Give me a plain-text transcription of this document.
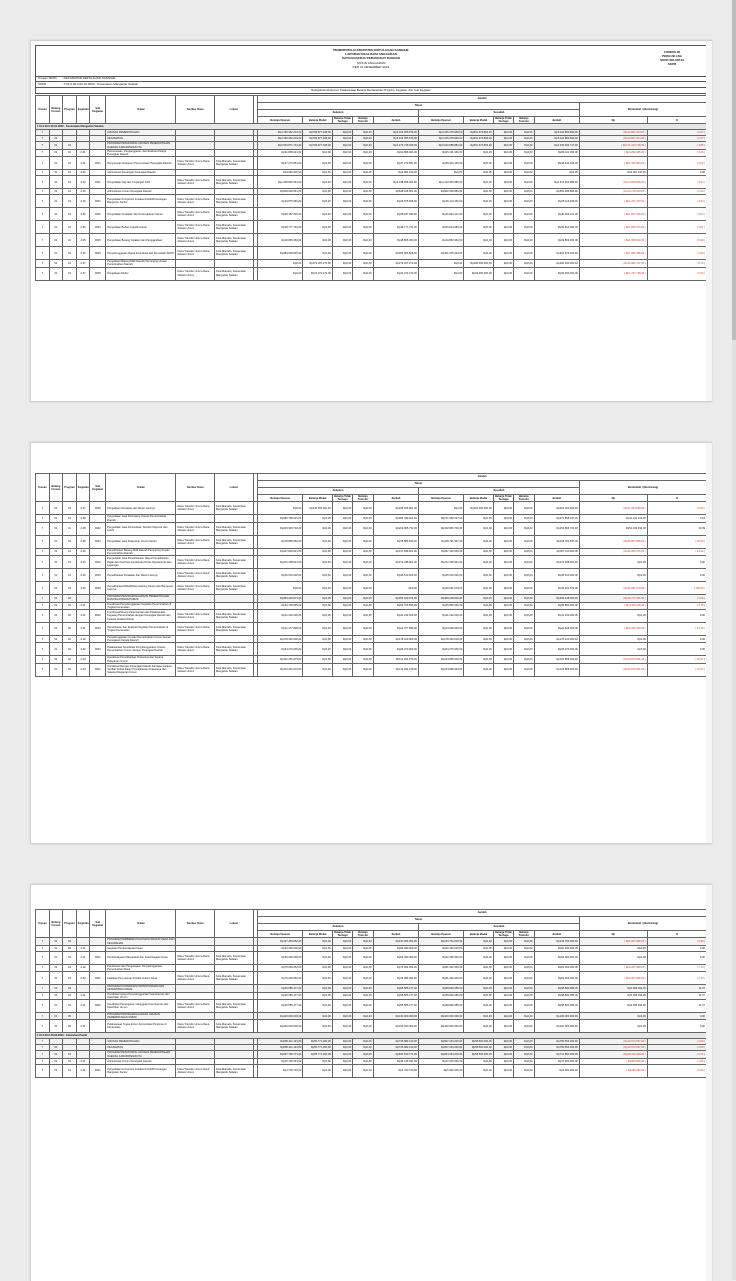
PEMERINTAH KABUPATEN KEPULAUAN SANGIHE
LAPORAN REALISASI ANGGARAN
SATUAN KERJA PERANGKAT DAERAH
TAHUN ANGGARAN
PER 31 DESEMBER 2024
FORMULIR
PERGUB LRA
SKPD SELURUH
SKPD
Urusan SKPD : KECAMATAN KEPULAUAN SANGIHE
SKPD	: 7.01.0.00.0.00.01.0000 - Kecamatan Manganitu Selatan
Rekapitulasi Dokumen Pelaksanaan Belanja Berdasarkan Program, Kegiatan, dan Sub Kegiatan
Urusan	Bidang Urusan	Program	Kegiatan	Sub Kegiatan	Uraian	Sumber Dana	Lokasi		Jumlah											
									Tahun										Bertambah / (Berkurang)	
									Sebelum					Sesudah						
									Belanja Operasi	Belanja Modal	Belanja Tidak Terduga	Belanja Transfer	Jumlah	Belanja Operasi	Belanja Modal	Belanja Tidak Terduga	Belanja Transfer	Jumlah	Rp	%
7.01.0.00.0.00.01.0000 - Kecamatan Manganitu Selatan																				
7					URUSAN PEMERINTAHAN				Rp4.160.362.204,00	Rp769.877.328,00	Rp0,00	Rp0,00	Rp5.103.055.876,00	Rp4.315.478.969,00	Rp801.373.863,00	Rp0,00	Rp0,00	Rp5.116.852.832,00	( Rp13.807.044,00 )	( 0,27 )
7	01				KECAMATAN				Rp4.160.362.204,00	Rp769.877.328,00	Rp0,00	Rp0,00	Rp5.103.055.876,00	Rp4.315.478.969,00	Rp801.373.863,00	Rp0,00	Rp0,00	Rp5.116.852.832,00	( Rp13.807.044,00 )	( 0,27 )
7	01	01			PROGRAM PENUNJANG URUSAN PEMERINTAHAN DAERAH KABUPATEN/KOTA				Rp3.503.871.701,00	Rp769.877.328,00	Rp0,00	Rp0,00	Rp4.273.749.029,00	Rp3.643.688.884,00	Rp801.373.863,00	Rp0,00	Rp0,00	Rp4.445.062.747,00	( Rp171.313.718,00 )	( 3,85 )
7	01	01	2.01		Perencanaan, Penganggaran, dan Evaluasi Kinerja Perangkat Daerah				Rp91.808.021,00	Rp0,00	Rp0,00	Rp0,00	Rp91.808.021,00	Rp95.101.366,00	Rp0,00	Rp0,00	Rp0,00	Rp95.101.366,00	( Rp3.293.345,00 )	( 3,46 )
7	01	01	2.01	0001	Penyusunan Dokumen Perencanaan Perangkat Daerah	Dana Transfer Umum-Dana Alokasi Umum	Kota Manado, Kecamatan Manganitu Selatan		Rp37.279.551,00	Rp0,00	Rp0,00	Rp0,00	Rp37.279.551,00	Rp38.440.145,00	Rp0,00	Rp0,00	Rp0,00	Rp38.440.145,00	( Rp1.160.594,00 )	( 3,02 )
7	01	01	2.02		Administrasi Keuangan Perangkat Daerah				Rp3.081.330,00	Rp0,00	Rp0,00	Rp0,00	Rp3.081.330,00	Rp0,00	Rp0,00	Rp0,00	Rp0,00	Rp0,00	Rp3.081.330,00	0,00
7	01	01	2.02	0001	Penyediaan Gaji dan Tunjangan ASN	Dana Transfer Umum-Dana Alokasi Umum	Kota Manado, Kecamatan Manganitu Selatan		Rp2.238.836.361,00	Rp0,00	Rp0,00	Rp0,00	Rp2.238.836.361,00	Rp2.313.454.986,00	Rp0,00	Rp0,00	Rp0,00	Rp2.313.454.986,00	( Rp74.618.625,00 )	( 3,23 )
7	01	01	2.06		Administrasi Umum Perangkat Daerah				Rp548.918.561,00	Rp0,00	Rp0,00	Rp0,00	Rp548.918.561,00	Rp562.096.884,00	Rp0,00	Rp0,00	Rp0,00	Rp562.096.884,00	( Rp13.178.323,00 )	( 2,34 )
7	01	01	2.06	0001	Penyediaan Komponen Instalasi Listrik/Penerangan Bangunan Kantor	Dana Transfer Umum-Dana Alokasi Umum	Kota Manado, Kecamatan Manganitu Selatan		Rp23.875.966,00	Rp0,00	Rp0,00	Rp0,00	Rp23.875.966,00	Rp25.113.436,00	Rp0,00	Rp0,00	Rp0,00	Rp25.113.436,00	( Rp1.237.470,00 )	( 4,93 )
7	01	01	2.06	0002	Penyediaan Peralatan dan Perlengkapan Kantor	Dana Transfer Umum-Dana Alokasi Umum	Kota Manado, Kecamatan Manganitu Selatan		Rp38.187.092,00	Rp0,00	Rp0,00	Rp0,00	Rp38.187.092,00	Rp40.004.121,00	Rp0,00	Rp0,00	Rp0,00	Rp40.004.121,00	( Rp1.817.029,00 )	( 4,54 )
7	01	01	2.06	0004	Penyediaan Bahan Logistik Kantor	Dana Transfer Umum-Dana Alokasi Umum	Kota Manado, Kecamatan Manganitu Selatan		Rp48.777.701,00	Rp0,00	Rp0,00	Rp0,00	Rp48.777.701,00	Rp50.814.080,00	Rp0,00	Rp0,00	Rp0,00	Rp50.814.080,00	( Rp2.036.379,00 )	( 4,01 )
7	01	01	2.06	0005	Penyediaan Barang Cetakan dan Penggandaan	Dana Transfer Umum-Dana Alokasi Umum	Kota Manado, Kecamatan Manganitu Selatan		Rp18.805.363,00	Rp0,00	Rp0,00	Rp0,00	Rp18.805.363,00	Rp19.863.363,00	Rp0,00	Rp0,00	Rp0,00	Rp19.863.363,00	( Rp1.058.000,00 )	( 5,33 )
7	01	01	2.06	0009	Penyelenggaraan Rapat Koordinasi dan Konsultasi SKPD	Dana Transfer Umum-Dana Alokasi Umum	Kota Manado, Kecamatan Manganitu Selatan		Rp384.906.825,00	Rp0,00	Rp0,00	Rp0,00	Rp384.906.825,00	Rp391.976.320,00	Rp0,00	Rp0,00	Rp0,00	Rp391.976.320,00	( Rp7.069.495,00 )	( 1,80 )
7	01	01	2.07		Pengadaan Barang Milik Daerah Penunjang Urusan Pemerintahan Daerah				Rp0,00	Rp279.037.273,00	Rp0,00	Rp0,00	Rp279.037.273,00	Rp0,00	Rp296.000.000,00	Rp0,00	Rp0,00	Rp296.000.000,00	( Rp16.962.727,00 )	( 5,73 )
7	01	01	2.07	0005	Pengadaan Mebel	Dana Transfer Umum-Dana Alokasi Umum	Kota Manado, Kecamatan Manganitu Selatan		Rp0,00	Rp31.272.272,00	Rp0,00	Rp0,00	Rp31.272.272,00	Rp0,00	Rp33.000.000,00	Rp0,00	Rp0,00	Rp33.000.000,00	( Rp1.727.728,00 )	( 5,24 )
Urusan	Bidang Urusan	Program	Kegiatan	Sub Kegiatan	Uraian	Sumber Dana	Lokasi		Jumlah											
									Tahun										Bertambah / (Berkurang)	
									Sebelum					Sesudah						
									Belanja Operasi	Belanja Modal	Belanja Tidak Terduga	Belanja Transfer	Jumlah	Belanja Operasi	Belanja Modal	Belanja Tidak Terduga	Belanja Transfer	Jumlah	Rp	%
7	01	01	2.07	0006	Pengadaan Peralatan dan Mesin Lainnya	Dana Transfer Umum-Dana Alokasi Umum	Kota Manado, Kecamatan Manganitu Selatan		Rp0,00	Rp245.665.001,00	Rp0,00	Rp0,00	Rp245.665.001,00	Rp0,00	Rp263.000.000,00	Rp0,00	Rp0,00	Rp263.000.000,00	( Rp17.334.999,00 )	( 6,59 )
7	01	01	2.08		Penyediaan Jasa Penunjang Urusan Pemerintahan Daerah				Rp282.789.401,00	Rp0,00	Rp0,00	Rp0,00	Rp282.789.401,00	Rp271.658.237,00	Rp0,00	Rp0,00	Rp0,00	Rp271.658.237,00	Rp11.131.164,00	4,10
7	01	01	2.08	0002	Penyediaan Jasa Komunikasi, Sumber Daya Air dan Listrik	Dana Transfer Umum-Dana Alokasi Umum	Kota Manado, Kecamatan Manganitu Selatan		Rp203.905.732,00	Rp0,00	Rp0,00	Rp0,00	Rp203.905.732,00	Rp152.866.700,00	Rp0,00	Rp0,00	Rp0,00	Rp152.866.700,00	Rp51.039.032,00	33,39
7	01	01	2.08	0004	Penyediaan Jasa Pelayanan Umum Kantor	Dana Transfer Umum-Dana Alokasi Umum	Kota Manado, Kecamatan Manganitu Selatan		Rp78.883.669,00	Rp0,00	Rp0,00	Rp0,00	Rp78.883.669,00	Rp118.791.537,00	Rp0,00	Rp0,00	Rp0,00	Rp118.791.537,00	( Rp39.907.868,00 )	( 33,59 )
7	01	01	2.09		Pemeliharaan Barang Milik Daerah Penunjang Urusan Pemerintahan Daerah				Rp317.848.921,00	Rp0,00	Rp0,00	Rp0,00	Rp317.848.921,00	Rp367.110.600,00	Rp0,00	Rp0,00	Rp0,00	Rp367.110.600,00	( Rp49.261.679,00 )	( 13,42 )
7	01	01	2.09	0002	Penyediaan Jasa Pemeliharaan, Biaya Pemeliharaan, Pajak dan Perizinan Kendaraan Dinas Operasional atau Lapangan	Dana Transfer Umum-Dana Alokasi Umum	Kota Manado, Kecamatan Manganitu Selatan		Rp272.338.921,00	Rp0,00	Rp0,00	Rp0,00	Rp272.338.921,00	Rp272.338.921,00	Rp0,00	Rp0,00	Rp0,00	Rp272.338.921,00	Rp0,00	0,00
7	01	01	2.09	0006	Pemeliharaan Peralatan dan Mesin Lainnya	Dana Transfer Umum-Dana Alokasi Umum	Kota Manado, Kecamatan Manganitu Selatan		Rp45.510.000,00	Rp0,00	Rp0,00	Rp0,00	Rp45.510.000,00	Rp45.510.000,00	Rp0,00	Rp0,00	Rp0,00	Rp45.510.000,00	Rp0,00	0,00
7	01	01	2.09	0009	Pemeliharaan/Rehabilitasi Gedung Kantor dan Bangunan Lainnya	Dana Transfer Umum-Dana Alokasi Umum	Kota Manado, Kecamatan Manganitu Selatan		Rp0,00	Rp0,00	Rp0,00	Rp0,00	Rp0,00	Rp49.261.679,00	Rp0,00	Rp0,00	Rp0,00	Rp49.261.679,00	( Rp49.261.679,00 )	( 100,00 )
7	01	02			PROGRAM PENYELENGGARAAN PEMERINTAHAN DAN PELAYANAN PUBLIK				Rp353.420.974,00	Rp0,00	Rp0,00	Rp0,00	Rp353.420.974,00	Rp369.148.000,00	Rp0,00	Rp0,00	Rp0,00	Rp369.148.000,00	( Rp15.727.026,00 )	( 4,26 )
7	01	02	2.01		Koordinasi Penyelenggaraan Kegiatan Pemerintahan di Tingkat Kecamatan				Rp62.709.895,00	Rp0,00	Rp0,00	Rp0,00	Rp62.709.895,00	Rp65.860.000,00	Rp0,00	Rp0,00	Rp0,00	Rp65.860.000,00	( Rp3.150.105,00 )	( 4,78 )
7	01	02	2.01	0002	Koordinasi/Sinergi Perencanaan dan Pelaksanaan Kegiatan Pemerintahan dengan Perangkat Daerah dan Instansi Vertikal Terkait	Dana Transfer Umum-Dana Alokasi Umum	Kota Manado, Kecamatan Manganitu Selatan		Rp41.232.000,00	Rp0,00	Rp0,00	Rp0,00	Rp41.232.000,00	Rp41.232.000,00	Rp0,00	Rp0,00	Rp0,00	Rp41.232.000,00	Rp0,00	0,00
7	01	02	2.01	0003	Pemantauan dan Evaluasi Kegiatan Pemerintahan di Tingkat Kecamatan	Dana Transfer Umum-Dana Alokasi Umum	Kota Manado, Kecamatan Manganitu Selatan		Rp21.477.895,00	Rp0,00	Rp0,00	Rp0,00	Rp21.477.895,00	Rp24.628.000,00	Rp0,00	Rp0,00	Rp0,00	Rp24.628.000,00	( Rp3.150.105,00 )	( 12,79 )
7	01	02	2.02		Penyelenggaraan Urusan Pemerintahan Umum Sesuai Penugasan Kepala Daerah				Rp178.420.000,00	Rp0,00	Rp0,00	Rp0,00	Rp178.420.000,00	Rp178.420.000,00	Rp0,00	Rp0,00	Rp0,00	Rp178.420.000,00	Rp0,00	0,00
7	01	02	2.02	0004	Pelaksanaan Koordinasi Penyelenggaraan Urusan Pemerintahan Umum dengan Perangkat Daerah	Dana Transfer Umum-Dana Alokasi Umum	Kota Manado, Kecamatan Manganitu Selatan		Rp64.270.000,00	Rp0,00	Rp0,00	Rp0,00	Rp64.270.000,00	Rp64.270.000,00	Rp0,00	Rp0,00	Rp0,00	Rp64.270.000,00	Rp0,00	0,00
7	01	02	2.03		Koordinasi Pemeliharaan Prasarana dan Sarana Pelayanan Umum				Rp112.291.079,00	Rp0,00	Rp0,00	Rp0,00	Rp112.291.079,00	Rp124.868.000,00	Rp0,00	Rp0,00	Rp0,00	Rp124.868.000,00	( Rp12.576.921,00 )	( 10,07 )
7	01	02	2.03	0001	Koordinasi Dengan Perangkat Daerah dan/atau Instansi Vertikal Terkait dalam Pemeliharaan Prasarana dan Sarana Pelayanan Umum	Dana Transfer Umum-Dana Alokasi Umum	Kota Manado, Kecamatan Manganitu Selatan		Rp112.291.079,00	Rp0,00	Rp0,00	Rp0,00	Rp112.291.079,00	Rp124.868.000,00	Rp0,00	Rp0,00	Rp0,00	Rp124.868.000,00	( Rp12.576.921,00 )	( 10,07 )
Urusan	Bidang Urusan	Program	Kegiatan	Sub Kegiatan	Uraian	Sumber Dana	Lokasi		Jumlah											
									Tahun										Bertambah / (Berkurang)	
									Sebelum					Sesudah						
									Belanja Operasi	Belanja Modal	Belanja Tidak Terduga	Belanja Transfer	Jumlah	Belanja Operasi	Belanja Modal	Belanja Tidak Terduga	Belanja Transfer	Jumlah	Rp	%
7	01	03			PROGRAM PEMBERDAYAAN MASYARAKAT DESA DAN KELURAHAN				Rp137.484.052,00	Rp0,00	Rp0,00	Rp0,00	Rp137.484.052,00	Rp143.752.000,00	Rp0,00	Rp0,00	Rp0,00	Rp143.752.000,00	( Rp6.267.948,00 )	( 4,36 )
7	01	03	2.01		Kegiatan Pemberdayaan Desa				Rp62.390.000,00	Rp0,00	Rp0,00	Rp0,00	Rp62.390.000,00	Rp62.390.000,00	Rp0,00	Rp0,00	Rp0,00	Rp62.390.000,00	Rp0,00	0,00
7	01	03	2.01	0001	Pemberdayaan Masyarakat dan Kelembagaan Desa	Dana Transfer Umum-Dana Alokasi Umum	Kota Manado, Kecamatan Manganitu Selatan		Rp62.390.000,00	Rp0,00	Rp0,00	Rp0,00	Rp62.390.000,00	Rp62.390.000,00	Rp0,00	Rp0,00	Rp0,00	Rp62.390.000,00	Rp0,00	0,00
7	01	03	2.02		Pembinaan dan Pengawasan Penyelenggaraan Pemerintahan Desa				Rp75.094.052,00	Rp0,00	Rp0,00	Rp0,00	Rp75.094.052,00	Rp81.362.000,00	Rp0,00	Rp0,00	Rp0,00	Rp81.362.000,00	( Rp6.267.948,00 )	( 7,70 )
7	01	03	2.02	0001	Fasilitasi Penyusunan Produk Hukum Desa	Dana Transfer Umum-Dana Alokasi Umum	Kota Manado, Kecamatan Manganitu Selatan		Rp75.094.052,00	Rp0,00	Rp0,00	Rp0,00	Rp75.094.052,00	Rp81.362.000,00	Rp0,00	Rp0,00	Rp0,00	Rp81.362.000,00	( Rp6.267.948,00 )	( 7,70 )
7	01	04			PROGRAM KOORDINASI KETENTRAMAN DAN KETERTIBAN UMUM				Rp65.585.477,00	Rp0,00	Rp0,00	Rp0,00	Rp65.585.477,00	Rp58.890.085,00	Rp0,00	Rp0,00	Rp0,00	Rp58.890.085,00	Rp6.695.392,00	11,37
7	01	04	2.01		Koordinasi Upaya Penyelenggaraan Ketentraman dan Ketertiban Umum				Rp65.585.477,00	Rp0,00	Rp0,00	Rp0,00	Rp65.585.477,00	Rp58.890.085,00	Rp0,00	Rp0,00	Rp0,00	Rp58.890.085,00	Rp6.695.392,00	11,37
7	01	04	2.01	0002	Koordinasi Penanganan Gangguan Ketentraman dan Ketertiban Umum	Dana Transfer Umum-Dana Alokasi Umum	Kota Manado, Kecamatan Manganitu Selatan		Rp65.585.477,00	Rp0,00	Rp0,00	Rp0,00	Rp65.585.477,00	Rp58.890.085,00	Rp0,00	Rp0,00	Rp0,00	Rp58.890.085,00	Rp6.695.392,00	11,37
7	01	05			PROGRAM PENYELENGGARAAN URUSAN PEMERINTAHAN UMUM				Rp100.000.000,00	Rp0,00	Rp0,00	Rp0,00	Rp100.000.000,00	Rp100.000.000,00	Rp0,00	Rp0,00	Rp0,00	Rp100.000.000,00	Rp0,00	0,00
7	01	05	2.01		Pelaksanaan Tugas Forum Komunikasi Pimpinan di Kecamatan	Dana Transfer Umum-Dana Alokasi Umum	Kota Manado, Kecamatan Manganitu Selatan		Rp100.000.000,00	Rp0,00	Rp0,00	Rp0,00	Rp100.000.000,00	Rp100.000.000,00	Rp0,00	Rp0,00	Rp0,00	Rp100.000.000,00	Rp0,00	0,00
7.01.0.00.0.00.02.0000 - Kelurahan Paniki																				
7					URUSAN PEMERINTAHAN				Rp680.211.143,00	Rp55.771.000,00	Rp0,00	Rp0,00	Rp735.982.143,00	Rp697.154.200,00	Rp58.500.000,00	Rp0,00	Rp0,00	Rp755.654.200,00	( Rp19.672.057,00 )	( 2,60 )
7	01				KECAMATAN				Rp680.211.143,00	Rp55.771.000,00	Rp0,00	Rp0,00	Rp735.982.143,00	Rp697.154.200,00	Rp58.500.000,00	Rp0,00	Rp0,00	Rp755.654.200,00	( Rp19.672.057,00 )	( 2,60 )
7	01	01			PROGRAM PENUNJANG URUSAN PEMERINTAHAN DAERAH KABUPATEN/KOTA				Rp637.769.771,00	Rp55.771.000,00	Rp0,00	Rp0,00	Rp693.540.771,00	Rp654.354.200,00	Rp58.500.000,00	Rp0,00	Rp0,00	Rp712.854.200,00	( Rp19.313.429,00 )	( 2,71 )
7	01	01	2.01		Administrasi Umum Perangkat Daerah				Rp46.136.091,00	Rp0,00	Rp0,00	Rp0,00	Rp46.136.091,00	Rp47.000.000,00	Rp0,00	Rp0,00	Rp0,00	Rp47.000.000,00	( Rp863.909,00 )	( 1,84 )
7	01	01	2.01	0001	Penyediaan Komponen Instalasi Listrik/Penerangan Bangunan Kantor	Dana Transfer Umum-Dana Alokasi Umum	Kota Manado, Kecamatan Manganitu Selatan		Rp4.700.720,00	Rp0,00	Rp0,00	Rp0,00	Rp4.700.720,00	Rp5.000.000,00	Rp0,00	Rp0,00	Rp0,00	Rp5.000.000,00	( Rp299.280,00 )	( 5,99 )
